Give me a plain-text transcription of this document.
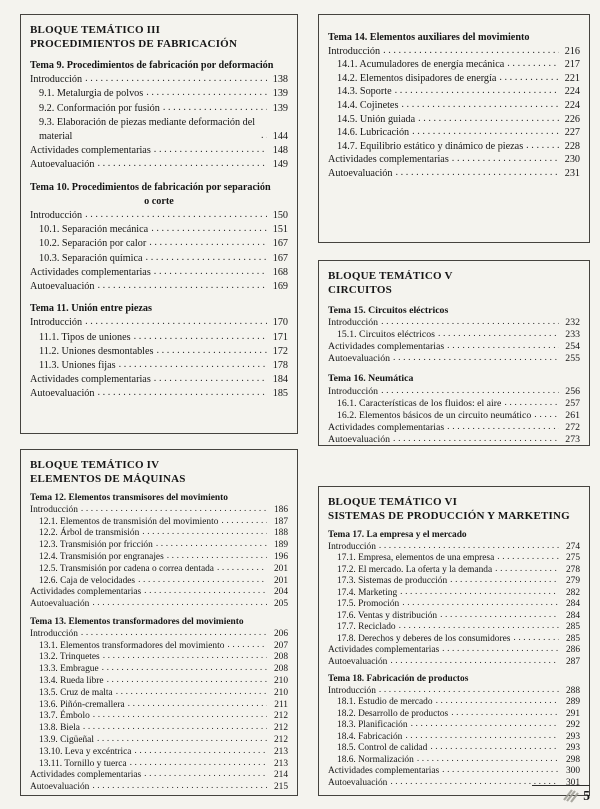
BLOQUE TEMÁTICO III
PROCEDIMIENTOS DE FABRICACIÓN
Tema 9. Procedimientos de fabricación por deformación
Introducción .....	138
9.1. Metalurgia de polvos .....	139
9.2. Conformación por fusión .....	139
9.3. Elaboración de piezas mediante deformación del material .....	144
Actividades complementarias .....	148
Autoevaluación .....	149
Tema 10. Procedimientos de fabricación por separación
o corte
Introducción .....	150
10.1. Separación mecánica .....	151
10.2. Separación por calor .....	167
10.3. Separación química .....	167
Actividades complementarias .....	168
Autoevaluación .....	169
Tema 11. Unión entre piezas
Introducción .....	170
11.1. Tipos de uniones .....	171
11.2. Uniones desmontables .....	172
11.3. Uniones fijas .....	178
Actividades complementarias .....	184
Autoevaluación .....	185
BLOQUE TEMÁTICO IV
ELEMENTOS DE MÁQUINAS
Tema 12. Elementos transmisores del movimiento
Introducción .....	186
12.1. Elementos de transmisión del movimiento .....	187
12.2. Árbol de transmisión .....	188
12.3. Transmisión por fricción .....	189
12.4. Transmisión por engranajes .....	196
12.5. Transmisión por cadena o correa dentada .....	201
12.6. Caja de velocidades .....	201
Actividades complementarias .....	204
Autoevaluación .....	205
Tema 13. Elementos transformadores del movimiento
Introducción .....	206
13.1. Elementos transformadores del movimiento .....	207
13.2. Trinquetes .....	208
13.3. Embrague .....	208
13.4. Rueda libre .....	210
13.5. Cruz de malta .....	210
13.6. Piñón-cremallera .....	211
13.7. Émbolo .....	212
13.8. Biela .....	212
13.9. Cigüeñal .....	212
13.10. Leva y excéntrica .....	213
13.11. Tornillo y tuerca .....	213
Actividades complementarias .....	214
Autoevaluación .....	215
Tema 14. Elementos auxiliares del movimiento
Introducción .....	216
14.1. Acumuladores de energía mecánica .....	217
14.2. Elementos disipadores de energía .....	221
14.3. Soporte .....	224
14.4. Cojinetes .....	224
14.5. Unión guiada .....	226
14.6. Lubricación .....	227
14.7. Equilibrio estático y dinámico de piezas .....	228
Actividades complementarias .....	230
Autoevaluación .....	231
BLOQUE TEMÁTICO V
CIRCUITOS
Tema 15. Circuitos eléctricos
Introducción .....	232
15.1. Circuitos eléctricos .....	233
Actividades complementarias .....	254
Autoevaluación .....	255
Tema 16. Neumática
Introducción .....	256
16.1. Características de los fluidos: el aire .....	257
16.2. Elementos básicos de un circuito neumático .....	261
Actividades complementarias .....	272
Autoevaluación .....	273
BLOQUE TEMÁTICO VI
SISTEMAS DE PRODUCCIÓN Y MARKETING
Tema 17. La empresa y el mercado
Introducción .....	274
17.1. Empresa, elementos de una empresa .....	275
17.2. El mercado. La oferta y la demanda .....	278
17.3. Sistemas de producción .....	279
17.4. Marketing .....	282
17.5. Promoción .....	284
17.6. Ventas y distribución .....	284
17.7. Reciclado .....	285
17.8. Derechos y deberes de los consumidores .....	285
Actividades complementarias .....	286
Autoevaluación .....	287
Tema 18. Fabricación de productos
Introducción .....	288
18.1. Estudio de mercado .....	289
18.2. Desarrollo de productos .....	291
18.3. Planificación .....	292
18.4. Fabricación .....	293
18.5. Control de calidad .....	293
18.6. Normalización .....	298
Actividades complementarias .....	300
Autoevaluación .....	301
5
